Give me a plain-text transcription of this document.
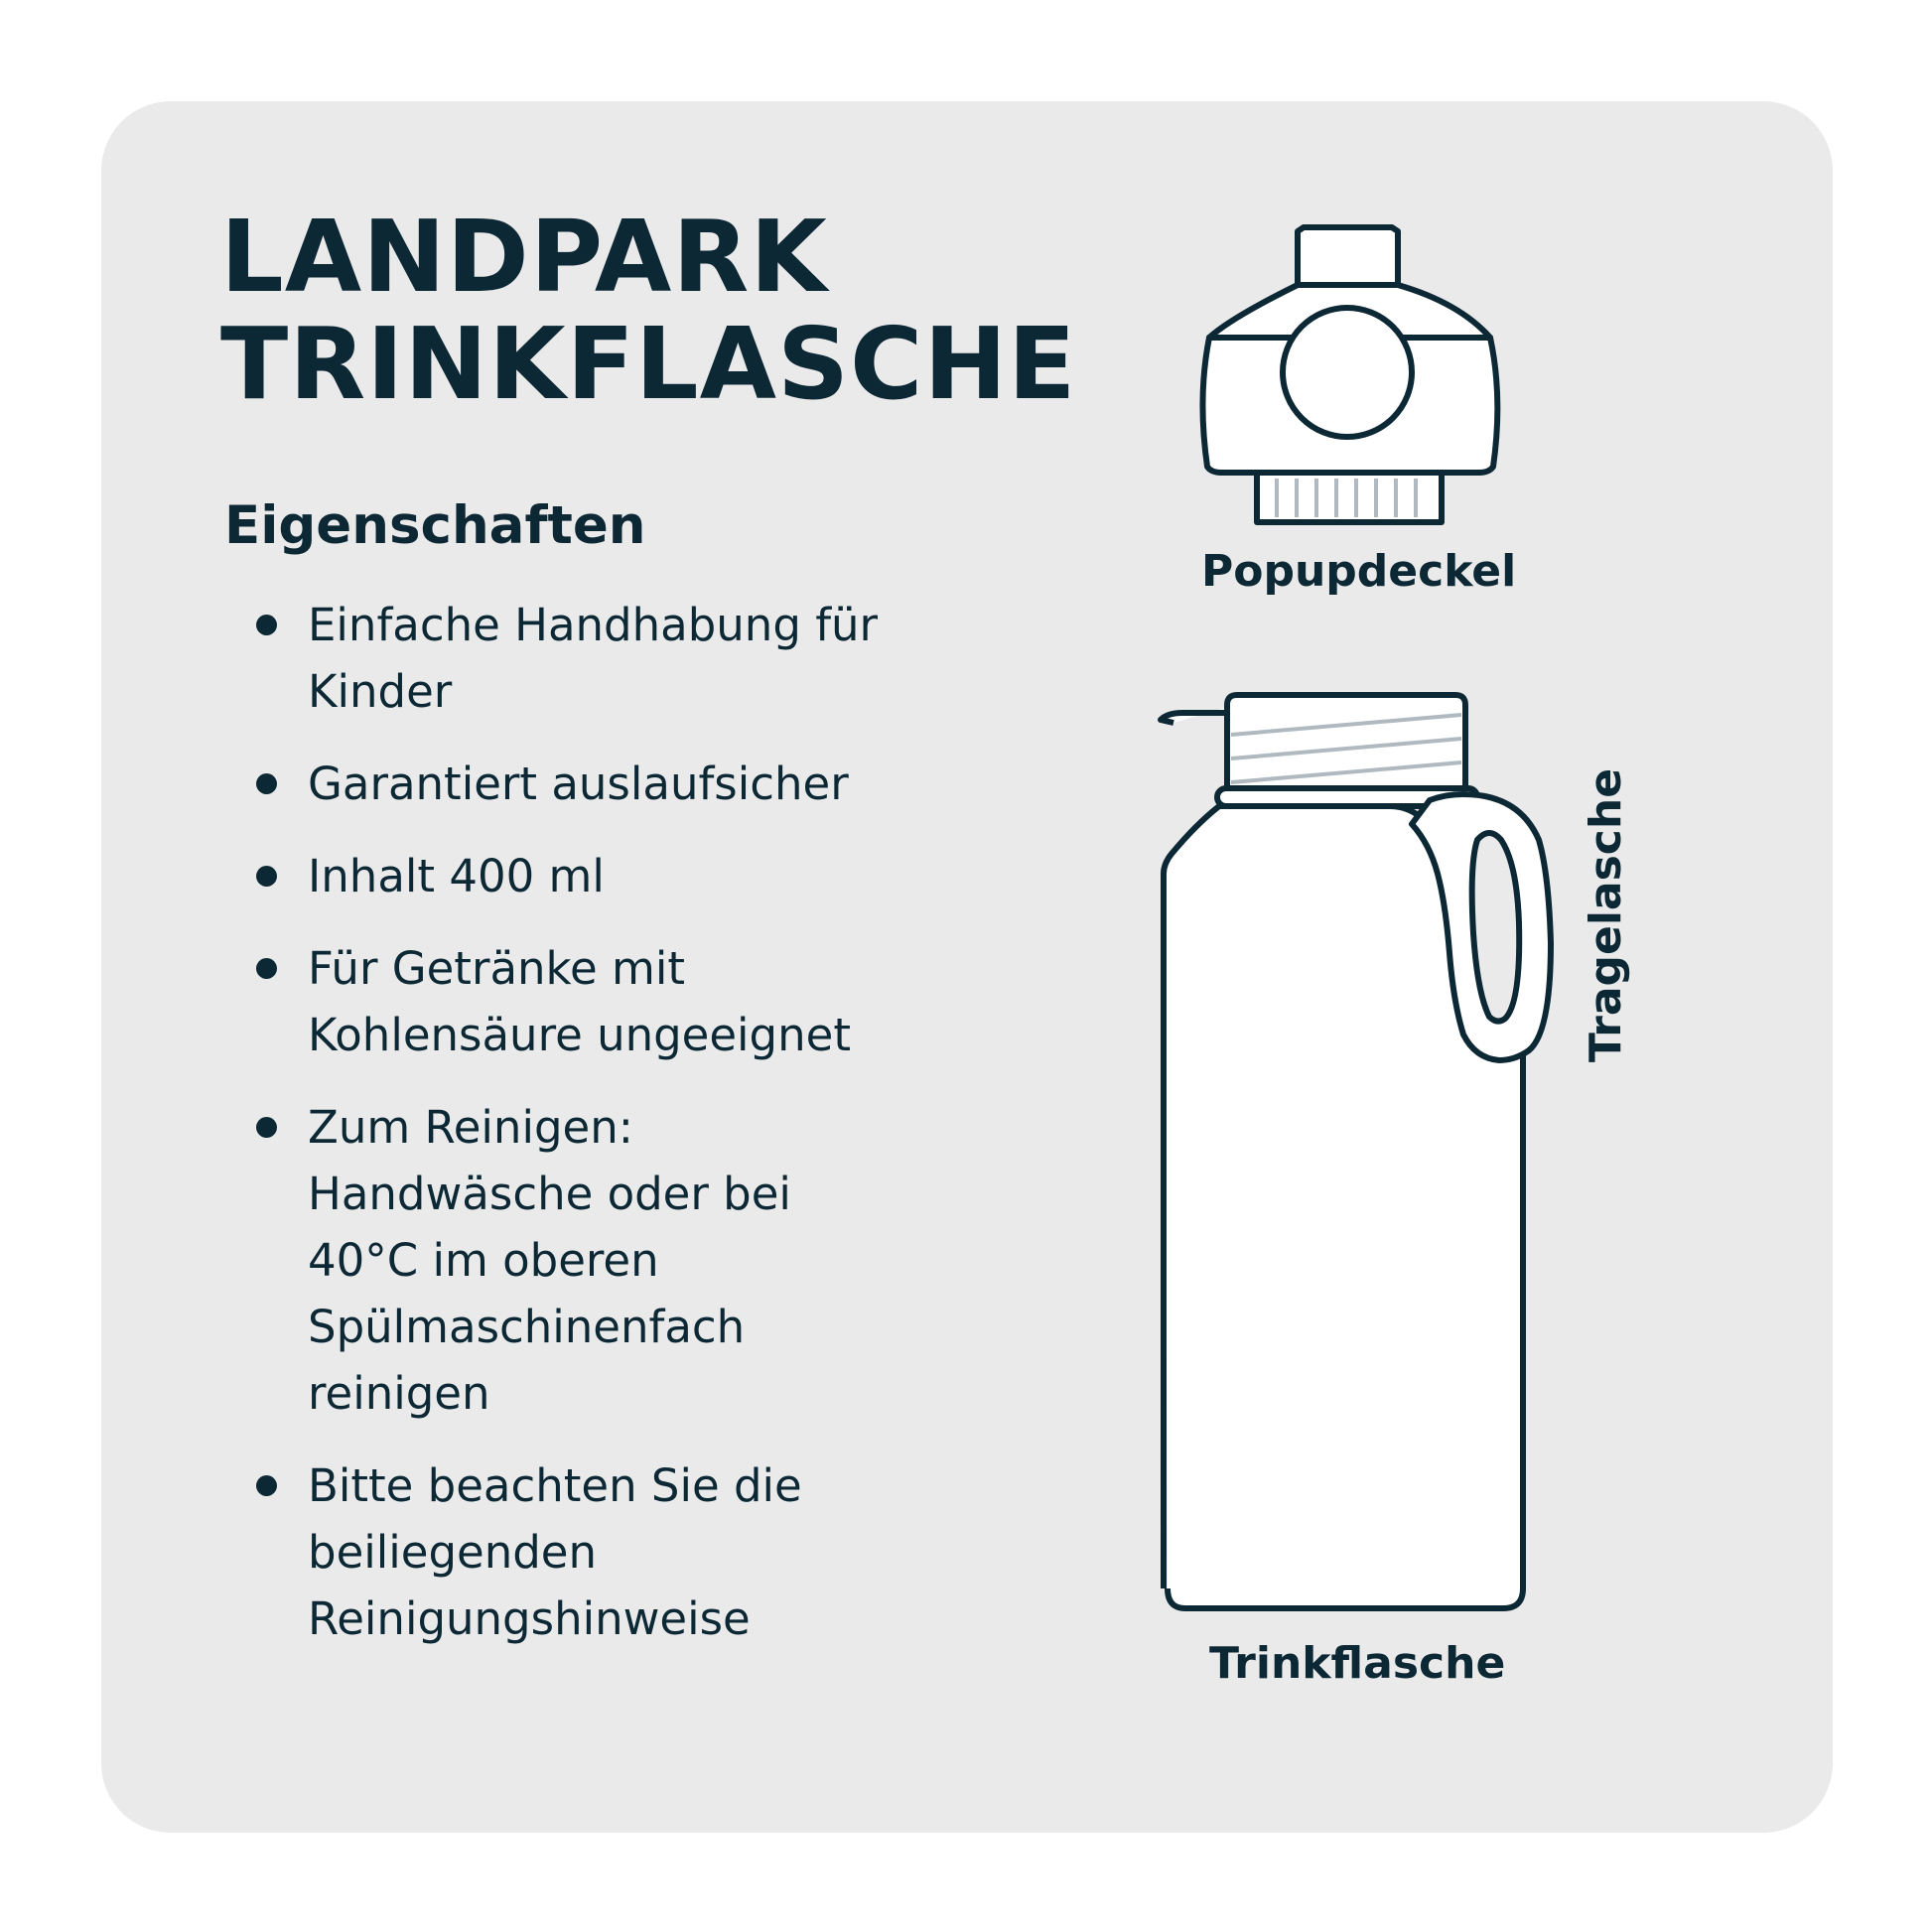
LANDPARK
TRINKFLASCHE
Eigenschaften
Einfache Handhabung für Kinder
Garantiert auslaufsicher
Inhalt 400 ml
Für Getränke mit Kohlensäure ungeeignet
Zum Reinigen: Handwäsche oder bei 40°C im oberen Spülmaschinenfach reinigen
Bitte beachten Sie die beiliegenden Reinigungshinweise

Popupdeckel

Trinkflasche

Tragelasche
